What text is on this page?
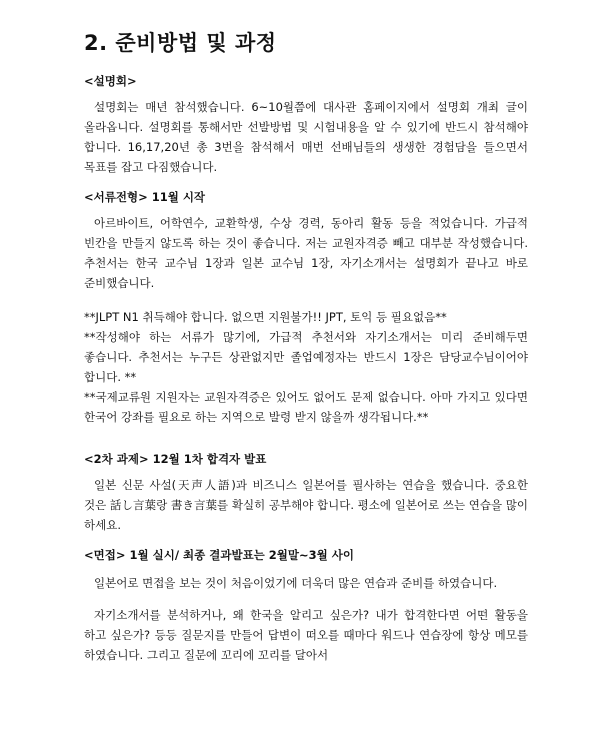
2. 준비방법 및 과정

<설명회>

설명회는 매년 참석했습니다. 6~10월쯤에 대사관 홈페이지에서 설명회 개최 글이 올라옵니다. 설명회를 통해서만 선발방법 및 시험내용을 알 수 있기에 반드시 참석해야 합니다. 16,17,20년 총 3번을 참석해서 매번 선배님들의 생생한 경험담을 들으면서 목표를 잡고 다짐했습니다.

<서류전형> 11월 시작

아르바이트, 어학연수, 교환학생, 수상 경력, 동아리 활동 등을 적었습니다. 가급적 빈칸을 만들지 않도록 하는 것이 좋습니다. 저는 교원자격증 빼고 대부분 작성했습니다. 추천서는 한국 교수님 1장과 일본 교수님 1장, 자기소개서는 설명회가 끝나고 바로 준비했습니다.

**JLPT N1 취득해야 합니다. 없으면 지원불가!! JPT, 토익 등 필요없음**

**작성해야 하는 서류가 많기에, 가급적 추천서와 자기소개서는 미리 준비해두면 좋습니다. 추천서는 누구든 상관없지만 졸업예정자는 반드시 1장은 담당교수님이어야 합니다. **

**국제교류원 지원자는 교원자격증은 있어도 없어도 문제 없습니다. 아마 가지고 있다면 한국어 강좌를 필요로 하는 지역으로 발령 받지 않을까 생각됩니다.**

<2차 과제> 12월 1차 합격자 발표

일본 신문 사설(天声人語)과 비즈니스 일본어를 필사하는 연습을 했습니다. 중요한 것은 話し言葉랑 書き言葉를 확실히 공부해야 합니다. 평소에 일본어로 쓰는 연습을 많이 하세요.

<면접> 1월 실시/ 최종 결과발표는 2월말~3월 사이

일본어로 면접을 보는 것이 처음이었기에 더욱더 많은 연습과 준비를 하였습니다.

자기소개서를 분석하거나, 왜 한국을 알리고 싶은가? 내가 합격한다면 어떤 활동을 하고 싶은가? 등등 질문지를 만들어 답변이 떠오를 때마다 워드나 연습장에 항상 메모를 하였습니다. 그리고 질문에 꼬리에 꼬리를 달아서
